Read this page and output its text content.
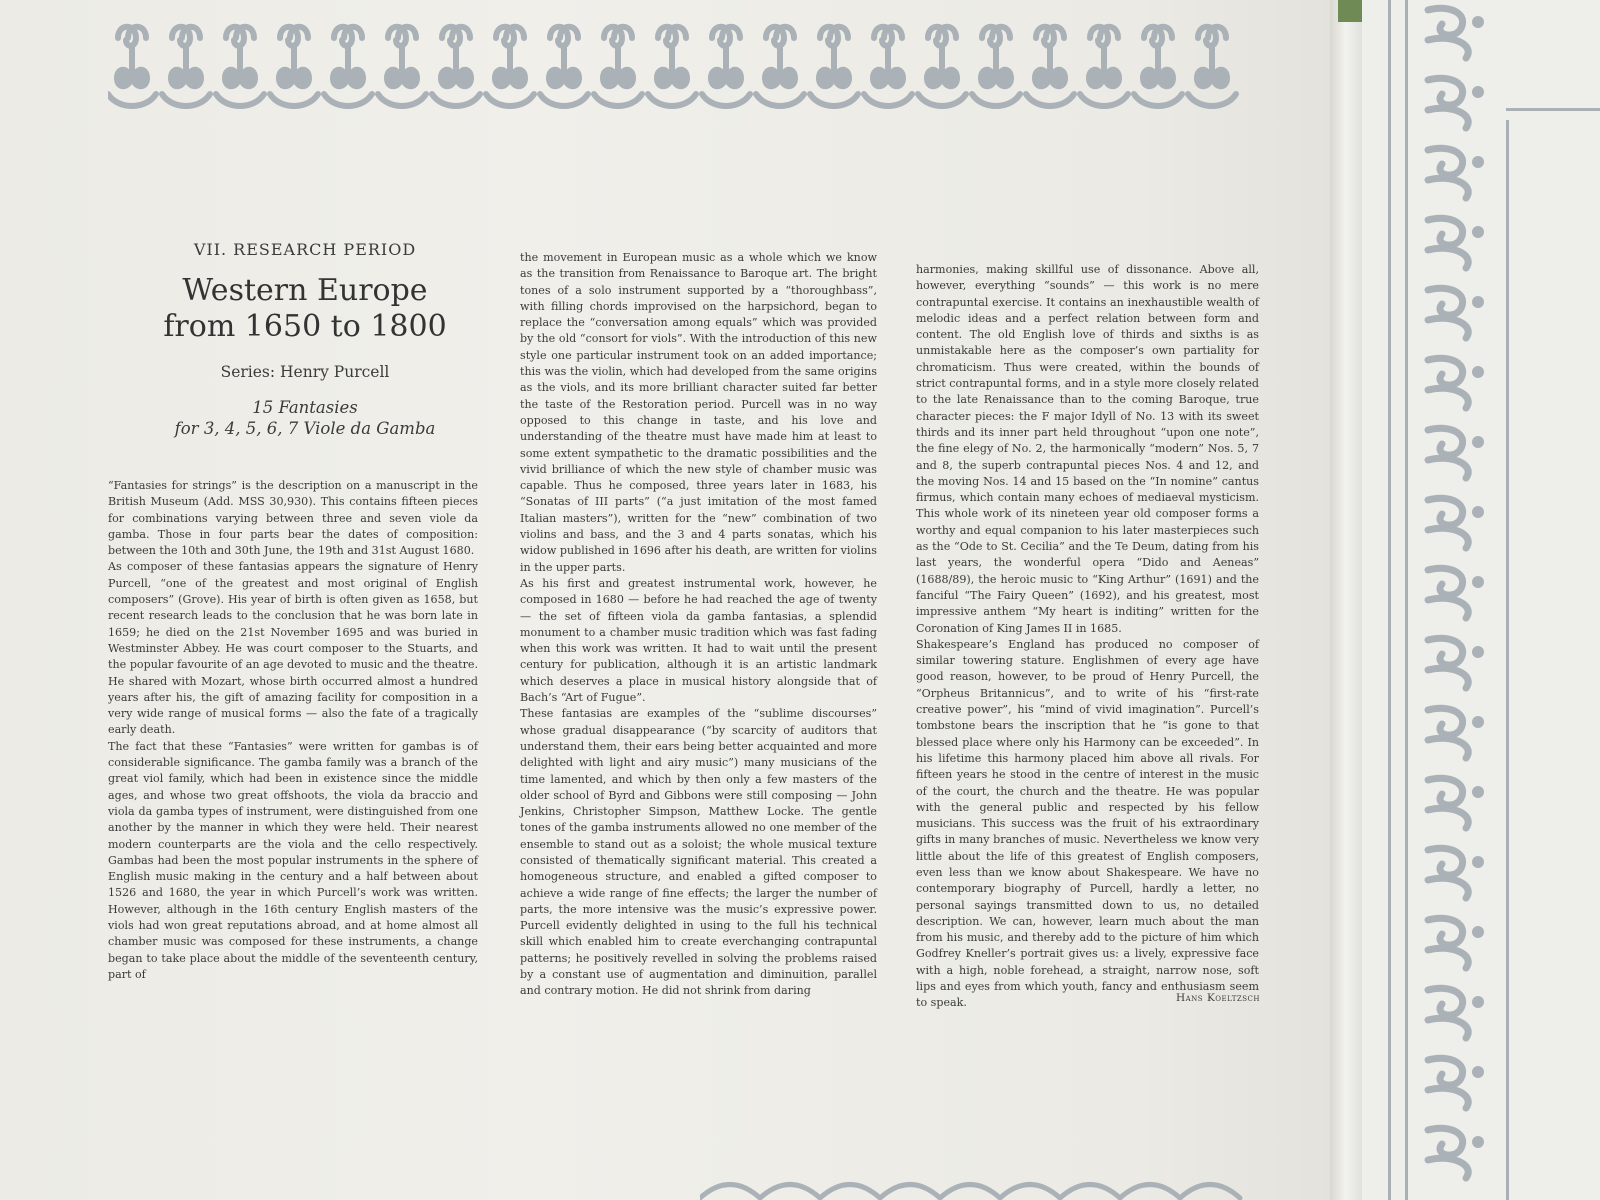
VII. RESEARCH PERIOD

Western Europe
from 1650 to 1800

Series: Henry Purcell

15 Fantasies
for 3, 4, 5, 6, 7 Viole da Gamba

“Fantasies for strings” is the description on a manuscript in the British Museum (Add. MSS 30,930). This contains fifteen pieces for combinations varying between three and seven viole da gamba. Those in four parts bear the dates of composition: between the 10th and 30th June, the 19th and 31st August 1680.

As composer of these fantasias appears the signature of Henry Purcell, “one of the greatest and most original of English composers” (Grove). His year of birth is often given as 1658, but recent research leads to the conclusion that he was born late in 1659; he died on the 21st November 1695 and was buried in Westminster Abbey. He was court composer to the Stuarts, and the popular favourite of an age devoted to music and the theatre. He shared with Mozart, whose birth occurred almost a hundred years after his, the gift of amazing facility for composition in a very wide range of musical forms — also the fate of a tragically early death.

The fact that these “Fantasies” were written for gambas is of considerable significance. The gamba family was a branch of the great viol family, which had been in existence since the middle ages, and whose two great offshoots, the viola da braccio and viola da gamba types of instrument, were distinguished from one another by the manner in which they were held. Their nearest modern counterparts are the viola and the cello respectively. Gambas had been the most popular instruments in the sphere of English music making in the century and a half between about 1526 and 1680, the year in which Purcell’s work was written. However, although in the 16th century English masters of the viols had won great reputations abroad, and at home almost all chamber music was composed for these instruments, a change began to take place about the middle of the seventeenth century, part of

the movement in European music as a whole which we know as the transition from Renaissance to Baroque art. The bright tones of a solo instrument supported by a “thoroughbass”, with filling chords improvised on the harpsichord, began to replace the “conversation among equals” which was provided by the old “consort for viols”. With the introduction of this new style one particular instrument took on an added importance; this was the violin, which had developed from the same origins as the viols, and its more brilliant character suited far better the taste of the Restoration period. Purcell was in no way opposed to this change in taste, and his love and understanding of the theatre must have made him at least to some extent sympathetic to the dramatic possibilities and the vivid brilliance of which the new style of chamber music was capable. Thus he composed, three years later in 1683, his “Sonatas of III parts” (“a just imitation of the most famed Italian masters”), written for the “new” combination of two violins and bass, and the 3 and 4 parts sonatas, which his widow published in 1696 after his death, are written for violins in the upper parts.

As his first and greatest instrumental work, however, he composed in 1680 — before he had reached the age of twenty — the set of fifteen viola da gamba fantasias, a splendid monument to a chamber music tradition which was fast fading when this work was written. It had to wait until the present century for publication, although it is an artistic landmark which deserves a place in musical history alongside that of Bach’s “Art of Fugue”.

These fantasias are examples of the “sublime discourses” whose gradual disappearance (“by scarcity of auditors that understand them, their ears being better acquainted and more delighted with light and airy music”) many musicians of the time lamented, and which by then only a few masters of the older school of Byrd and Gibbons were still composing — John Jenkins, Christopher Simpson, Matthew Locke. The gentle tones of the gamba instruments allowed no one member of the ensemble to stand out as a soloist; the whole musical texture consisted of thematically significant material. This created a homogeneous structure, and enabled a gifted composer to achieve a wide range of fine effects; the larger the number of parts, the more intensive was the music’s expressive power. Purcell evidently delighted in using to the full his technical skill which enabled him to create everchanging contrapuntal patterns; he positively revelled in solving the problems raised by a constant use of augmentation and diminuition, parallel and contrary motion. He did not shrink from daring

harmonies, making skillful use of dissonance. Above all, however, everything “sounds” — this work is no mere contrapuntal exercise. It contains an inexhaustible wealth of melodic ideas and a perfect relation between form and content. The old English love of thirds and sixths is as unmistakable here as the composer’s own partiality for chromaticism. Thus were created, within the bounds of strict contrapuntal forms, and in a style more closely related to the late Renaissance than to the coming Baroque, true character pieces: the F major Idyll of No. 13 with its sweet thirds and its inner part held throughout “upon one note”, the fine elegy of No. 2, the harmonically “modern” Nos. 5, 7 and 8, the superb contrapuntal pieces Nos. 4 and 12, and the moving Nos. 14 and 15 based on the “In nomine” cantus firmus, which contain many echoes of mediaeval mysticism. This whole work of its nineteen year old composer forms a worthy and equal companion to his later masterpieces such as the “Ode to St. Cecilia” and the Te Deum, dating from his last years, the wonderful opera “Dido and Aeneas” (1688/89), the heroic music to “King Arthur” (1691) and the fanciful “The Fairy Queen” (1692), and his greatest, most impressive anthem “My heart is inditing” written for the Coronation of King James II in 1685.

Shakespeare’s England has produced no composer of similar towering stature. Englishmen of every age have good reason, however, to be proud of Henry Purcell, the “Orpheus Britannicus”, and to write of his “first-rate creative power”, his “mind of vivid imagination”. Purcell’s tombstone bears the inscription that he “is gone to that blessed place where only his Harmony can be exceeded”. In his lifetime this harmony placed him above all rivals. For fifteen years he stood in the centre of interest in the music of the court, the church and the theatre. He was popular with the general public and respected by his fellow musicians. This success was the fruit of his extraordinary gifts in many branches of music. Nevertheless we know very little about the life of this greatest of English composers, even less than we know about Shakespeare. We have no contemporary biography of Purcell, hardly a letter, no personal sayings transmitted down to us, no detailed description. We can, however, learn much about the man from his music, and thereby add to the picture of him which Godfrey Kneller’s portrait gives us: a lively, expressive face with a high, noble forehead, a straight, narrow nose, soft lips and eyes from which youth, fancy and enthusiasm seem to speak.	Hans Koeltzsch
